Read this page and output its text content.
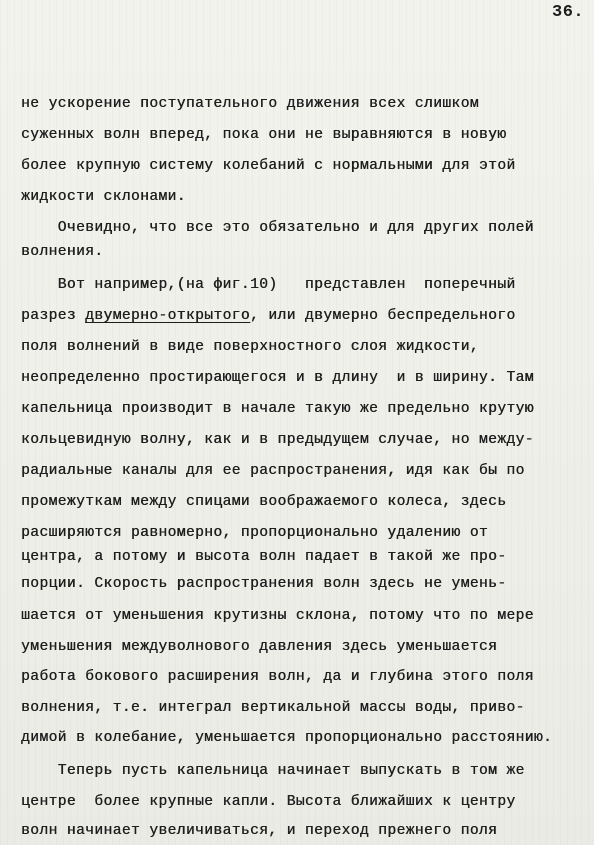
36.
не ускорение поступательного движения всех слишком
суженных волн вперед, пока они не выравняются в новую
более крупную систему колебаний с нормальными для этой
жидкости склонами.
Очевидно, что все это обязательно и для других полей
волнения.
Вот например,(на фиг.10)   представлен  поперечный
разрез двумерно-открытого, или двумерно беспредельного
поля волнений в виде поверхностного слоя жидкости,
неопределенно простирающегося и в длину  и в ширину. Там
капельница производит в начале такую же предельно крутую
кольцевидную волну, как и в предыдущем случае, но между-
радиальные каналы для ее распространения, идя как бы по
промежуткам между спицами воображаемого колеса, здесь
расширяются равномерно, пропорционально удалению от
центра, а потому и высота волн падает в такой же про-
порции. Скорость распространения волн здесь не умень-
шается от уменьшения крутизны склона, потому что по мере
уменьшения междуволнового давления здесь уменьшается
работа бокового расширения волн, да и глубина этого поля
волнения, т.е. интеграл вертикальной массы воды, приво-
димой в колебание, уменьшается пропорционально расстоянию.
Теперь пусть капельница начинает выпускать в том же
центре  более крупные капли. Высота ближайших к центру
волн начинает увеличиваться, и переход прежнего поля
